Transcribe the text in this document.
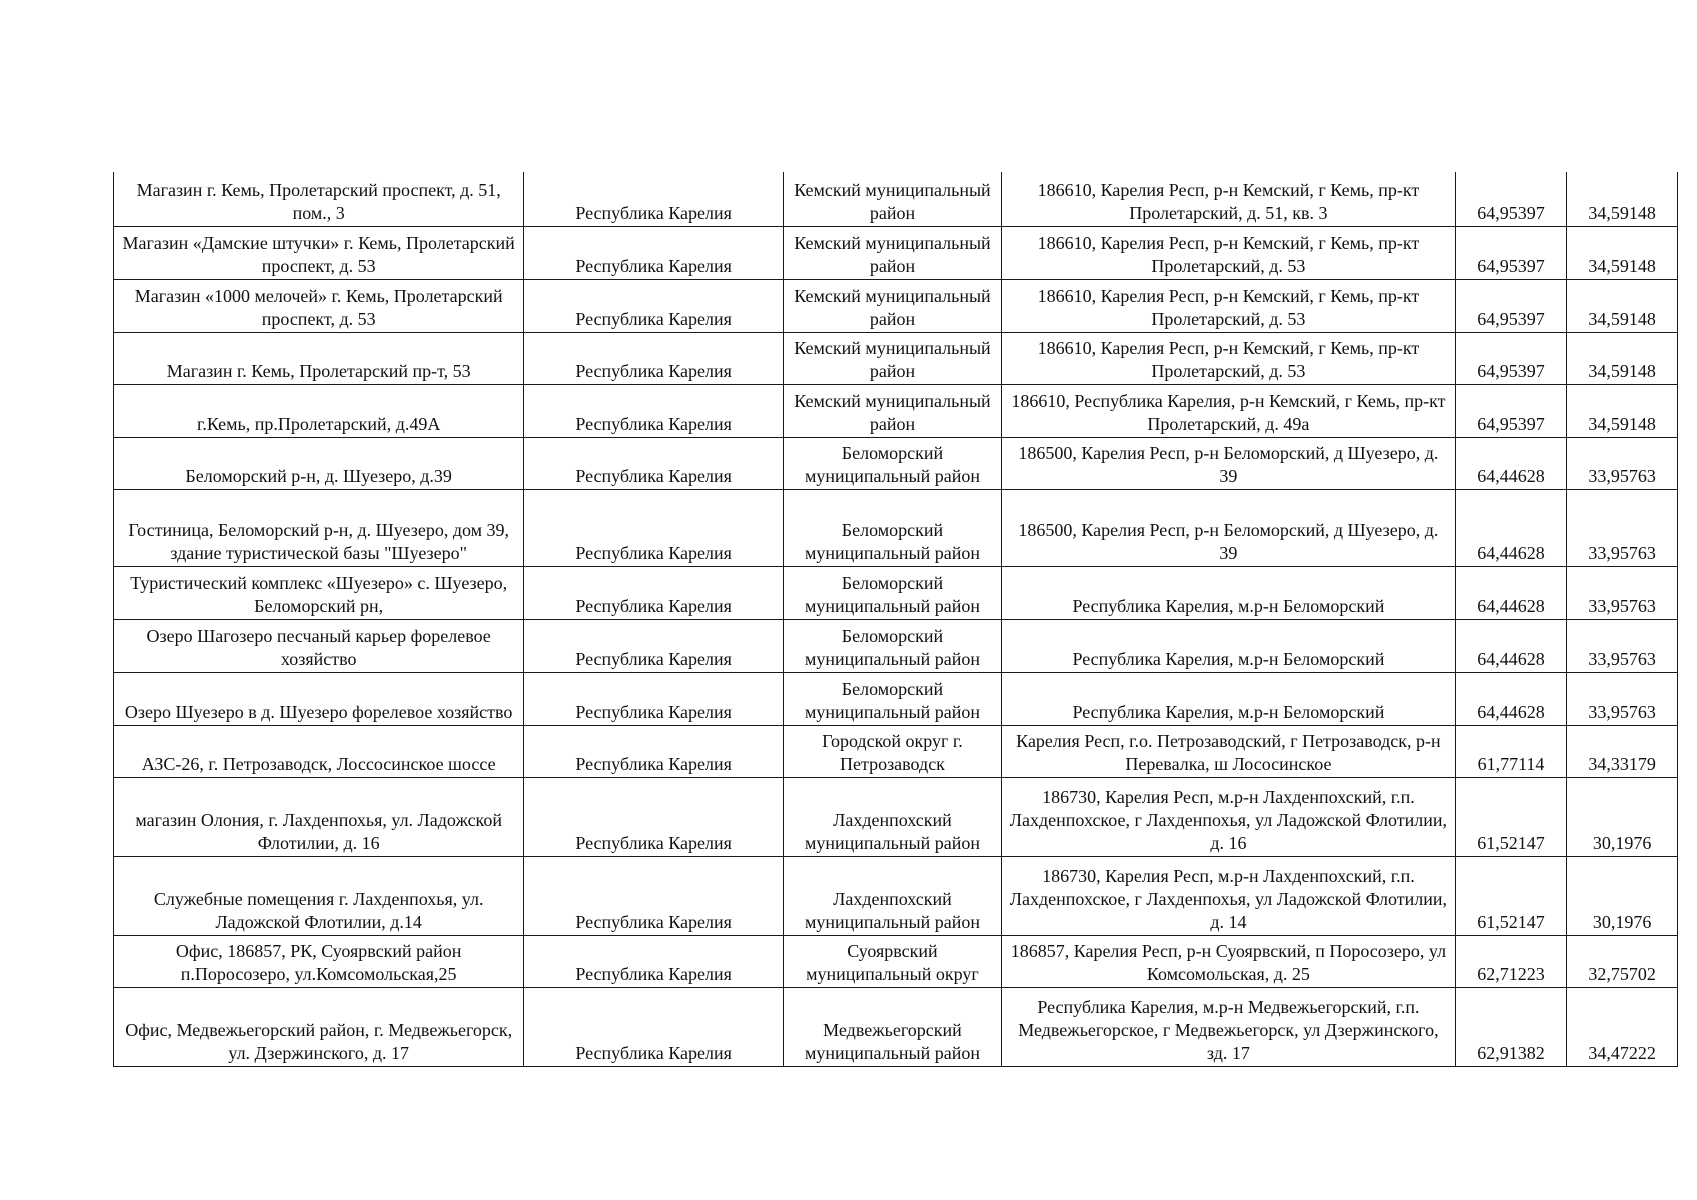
Магазин г. Кемь, Пролетарский проспект, д. 51, пом., 3	Республика Карелия	Кемский муниципальный район	186610, Карелия Респ, р-н Кемский, г Кемь, пр-кт Пролетарский, д. 51, кв. 3	64,95397	34,59148
Магазин «Дамские штучки» г. Кемь, Пролетарский проспект, д. 53	Республика Карелия	Кемский муниципальный район	186610, Карелия Респ, р-н Кемский, г Кемь, пр-кт Пролетарский, д. 53	64,95397	34,59148
Магазин «1000 мелочей» г. Кемь, Пролетарский проспект, д. 53	Республика Карелия	Кемский муниципальный район	186610, Карелия Респ, р-н Кемский, г Кемь, пр-кт Пролетарский, д. 53	64,95397	34,59148
Магазин г. Кемь, Пролетарский пр-т, 53	Республика Карелия	Кемский муниципальный район	186610, Карелия Респ, р-н Кемский, г Кемь, пр-кт Пролетарский, д. 53	64,95397	34,59148
г.Кемь, пр.Пролетарский, д.49А	Республика Карелия	Кемский муниципальный район	186610, Республика Карелия, р-н Кемский, г Кемь, пр-кт Пролетарский, д. 49а	64,95397	34,59148
Беломорский р-н, д. Шуезеро, д.39	Республика Карелия	Беломорский муниципальный район	186500, Карелия Респ, р-н Беломорский, д Шуезеро, д. 39	64,44628	33,95763
Гостиница, Беломорский р-н, д. Шуезеро, дом 39, здание туристической базы "Шуезеро"	Республика Карелия	Беломорский муниципальный район	186500, Карелия Респ, р-н Беломорский, д Шуезеро, д. 39	64,44628	33,95763
Туристический комплекс «Шуезеро» с. Шуезеро, Беломорский рн,	Республика Карелия	Беломорский муниципальный район	Республика Карелия, м.р-н Беломорский	64,44628	33,95763
Озеро Шагозеро песчаный карьер форелевое хозяйство	Республика Карелия	Беломорский муниципальный район	Республика Карелия, м.р-н Беломорский	64,44628	33,95763
Озеро Шуезеро в д. Шуезеро форелевое хозяйство	Республика Карелия	Беломорский муниципальный район	Республика Карелия, м.р-н Беломорский	64,44628	33,95763
АЗС-26, г. Петрозаводск, Лоссосинское шоссе	Республика Карелия	Городской округ г. Петрозаводск	Карелия Респ, г.о. Петрозаводский, г Петрозаводск, р-н Перевалка, ш Лососинское	61,77114	34,33179
магазин Олония, г. Лахденпохья, ул. Ладожской Флотилии, д. 16	Республика Карелия	Лахденпохский муниципальный район	186730, Карелия Респ, м.р-н Лахденпохский, г.п. Лахденпохское, г Лахденпохья, ул Ладожской Флотилии, д. 16	61,52147	30,1976
Служебные помещения г. Лахденпохья, ул. Ладожской Флотилии, д.14	Республика Карелия	Лахденпохский муниципальный район	186730, Карелия Респ, м.р-н Лахденпохский, г.п. Лахденпохское, г Лахденпохья, ул Ладожской Флотилии, д. 14	61,52147	30,1976
Офис, 186857, РК, Суоярвский район п.Поросозеро, ул.Комсомольская,25	Республика Карелия	Суоярвский муниципальный округ	186857, Карелия Респ, р-н Суоярвский, п Поросозеро, ул Комсомольская, д. 25	62,71223	32,75702
Офис, Медвежьегорский район, г. Медвежьегорск, ул. Дзержинского, д. 17	Республика Карелия	Медвежьегорский муниципальный район	Республика Карелия, м.р-н Медвежьегорский, г.п. Медвежьегорское, г Медвежьегорск, ул Дзержинского, зд. 17	62,91382	34,47222
